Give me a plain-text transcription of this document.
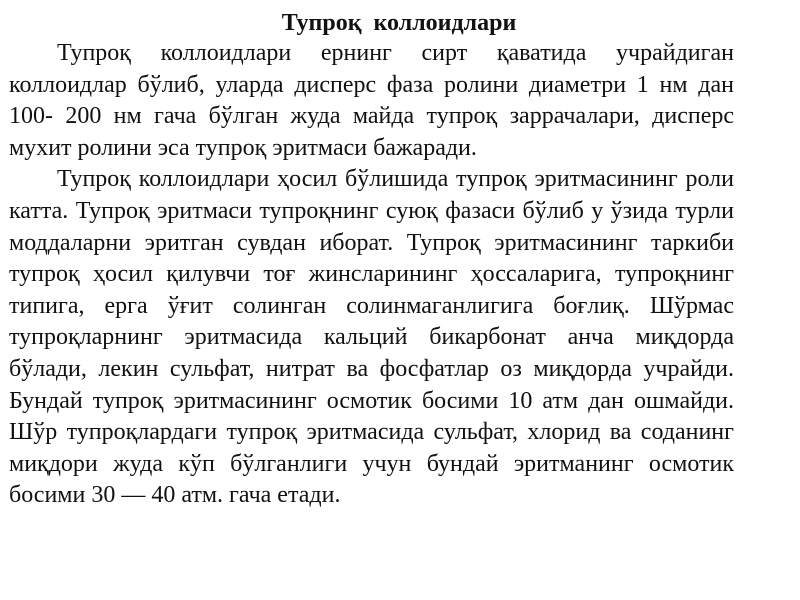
Тупроқ  коллоидлари

Тупроқ коллоидлари ернинг сирт қаватида учрайдиган коллоидлар бўлиб, уларда дисперс фаза ролини диаметри 1 нм дан 100- 200 нм гача бўлган жуда майда тупроқ заррачалари, дисперс мухит ролини эса тупроқ эритмаси бажаради.

Тупроқ коллоидлари ҳосил бўлишида тупроқ эритмасининг роли катта. Тупроқ эритмаси тупроқнинг суюқ фазаси бўлиб у ўзида турли моддаларни эритган сувдан иборат. Тупроқ эритмасининг таркиби тупроқ ҳосил қилувчи тоғ жинсларининг ҳоссаларига, тупроқнинг типига, ерга ўғит солинган солинмаганлигига боғлиқ. Шўрмас тупроқларнинг эритмасида кальций бикарбонат анча миқдорда бўлади, лекин сульфат, нитрат ва фосфатлар оз миқдорда учрайди. Бундай тупроқ эритмасининг осмотик босими 10 атм дан ошмайди. Шўр тупроқлардаги тупроқ эритмасида сульфат, хлорид ва соданинг миқдори жуда кўп бўлганлиги учун бундай эритманинг осмотик босими 30 — 40 атм. гача етади.
